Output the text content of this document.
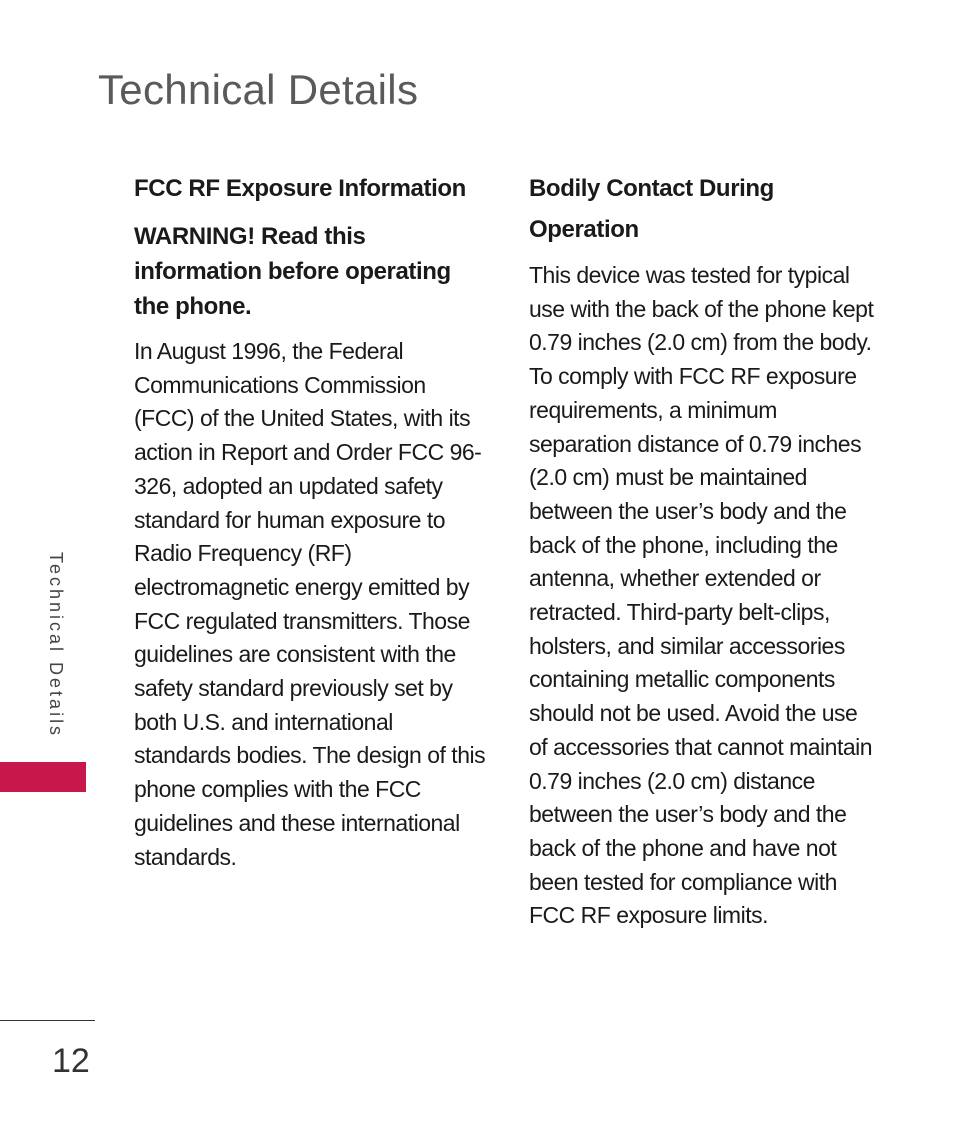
Technical Details
FCC RF Exposure Information

WARNING! Read this information before operating the phone.

In August 1996, the Federal Communications Commission (FCC) of the United States, with its action in Report and Order FCC 96-326, adopted an updated safety standard for human exposure to Radio Frequency (RF) electromagnetic energy emitted by FCC regulated transmitters. Those guidelines are consistent with the safety standard previously set by both U.S. and international standards bodies. The design of this phone complies with the FCC guidelines and these international standards.

Bodily Contact During Operation

This device was tested for typical use with the back of the phone kept 0.79 inches (2.0 cm) from the body. To comply with FCC RF exposure requirements, a minimum separation distance of 0.79 inches (2.0 cm) must be maintained between the user’s body and the back of the phone, including the antenna, whether extended or retracted. Third-party belt-clips, holsters, and similar accessories containing metallic components should not be used. Avoid the use of accessories that cannot maintain 0.79 inches (2.0 cm) distance between the user’s body and the back of the phone and have not been tested for compliance with FCC RF exposure limits.

Technical Details
12
